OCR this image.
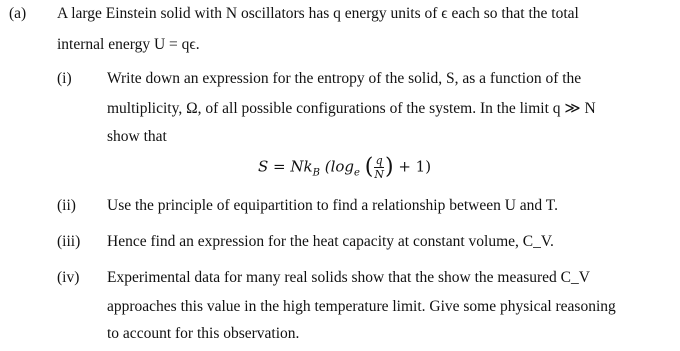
(a) A large Einstein solid with N oscillators has q energy units of ϵ each so that the total
internal energy U = qϵ.
(i) Write down an expression for the entropy of the solid, S, as a function of the
multiplicity, Ω, of all possible configurations of the system. In the limit q ≫ N
show that
$S = Nk_B$ ($\log_e$ ( $\frac{q}{N}$ ) + 1)
(ii) Use the principle of equipartition to find a relationship between U and T.
(iii) Hence find an expression for the heat capacity at constant volume, C_V.
(iv) Experimental data for many real solids show that the show the measured C_V
approaches this value in the high temperature limit. Give some physical reasoning
to account for this observation.
